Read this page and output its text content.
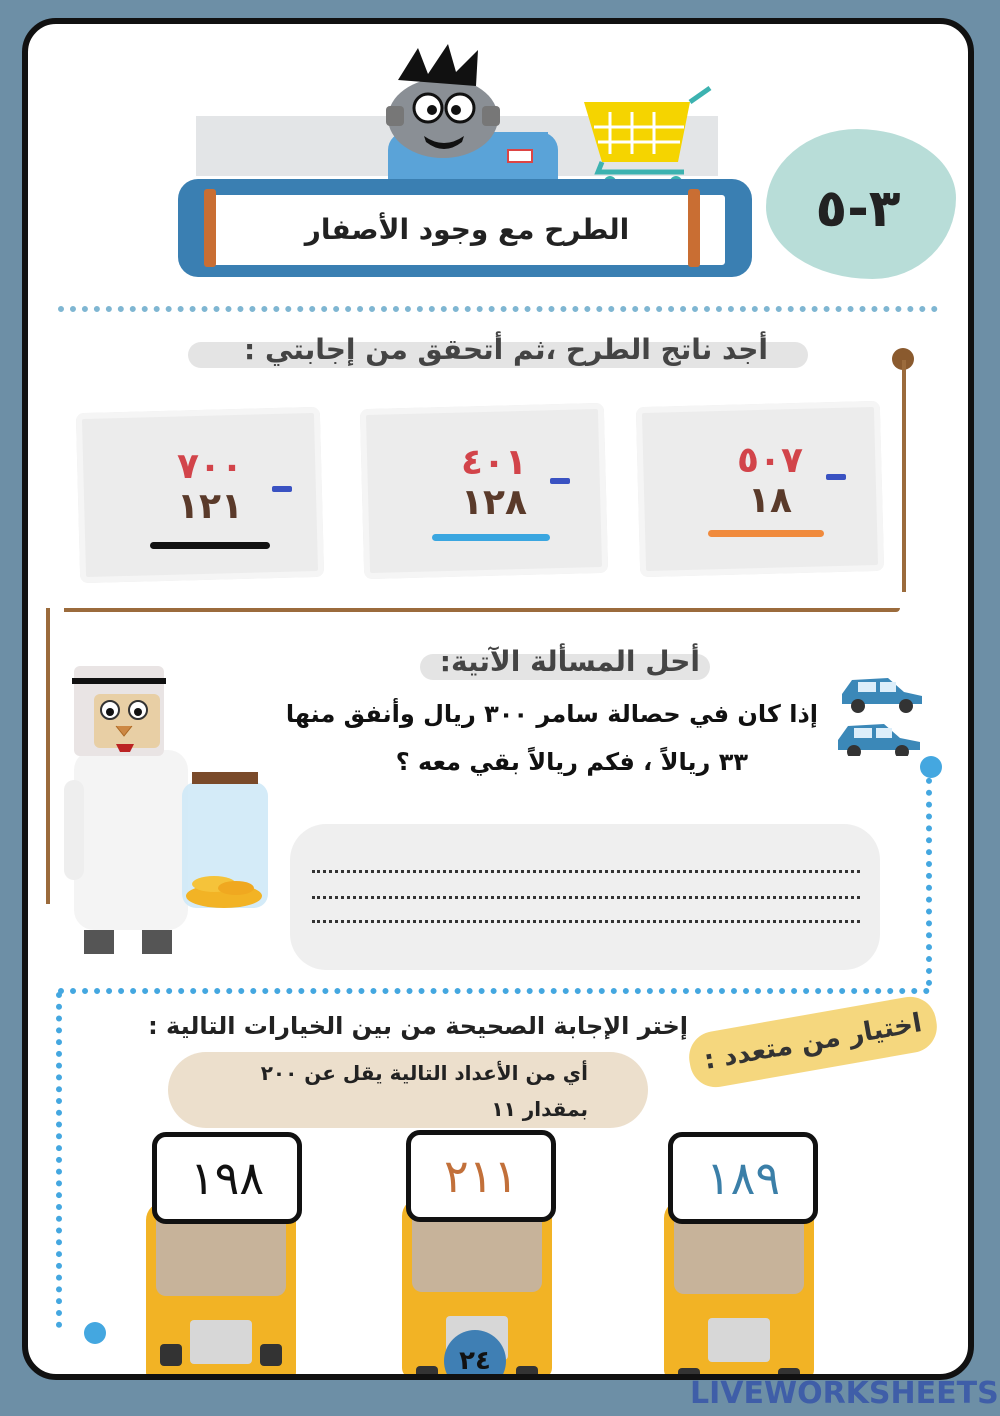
الطرح مع وجود الأصفار	٣-٥
أجد ناتج الطرح ،ثم أتحقق من إجابتي :
٥٠٧
١٨
٤٠١
١٢٨
٧٠٠
١٢١
أحل المسألة الآتية:
إذا كان في حصالة سامر ٣٠٠ ريال وأنفق منها
٣٣ ريالاً ، فكم ريالاً بقي معه ؟
اختيار من متعدد :
إختر الإجابة الصحيحة من بين الخيارات التالية :
أي من الأعداد التالية يقل عن ٢٠٠
بمقدار ١١
١٨٩
٢١١
١٩٨
٢٤
LIVEWORKSHEETS
